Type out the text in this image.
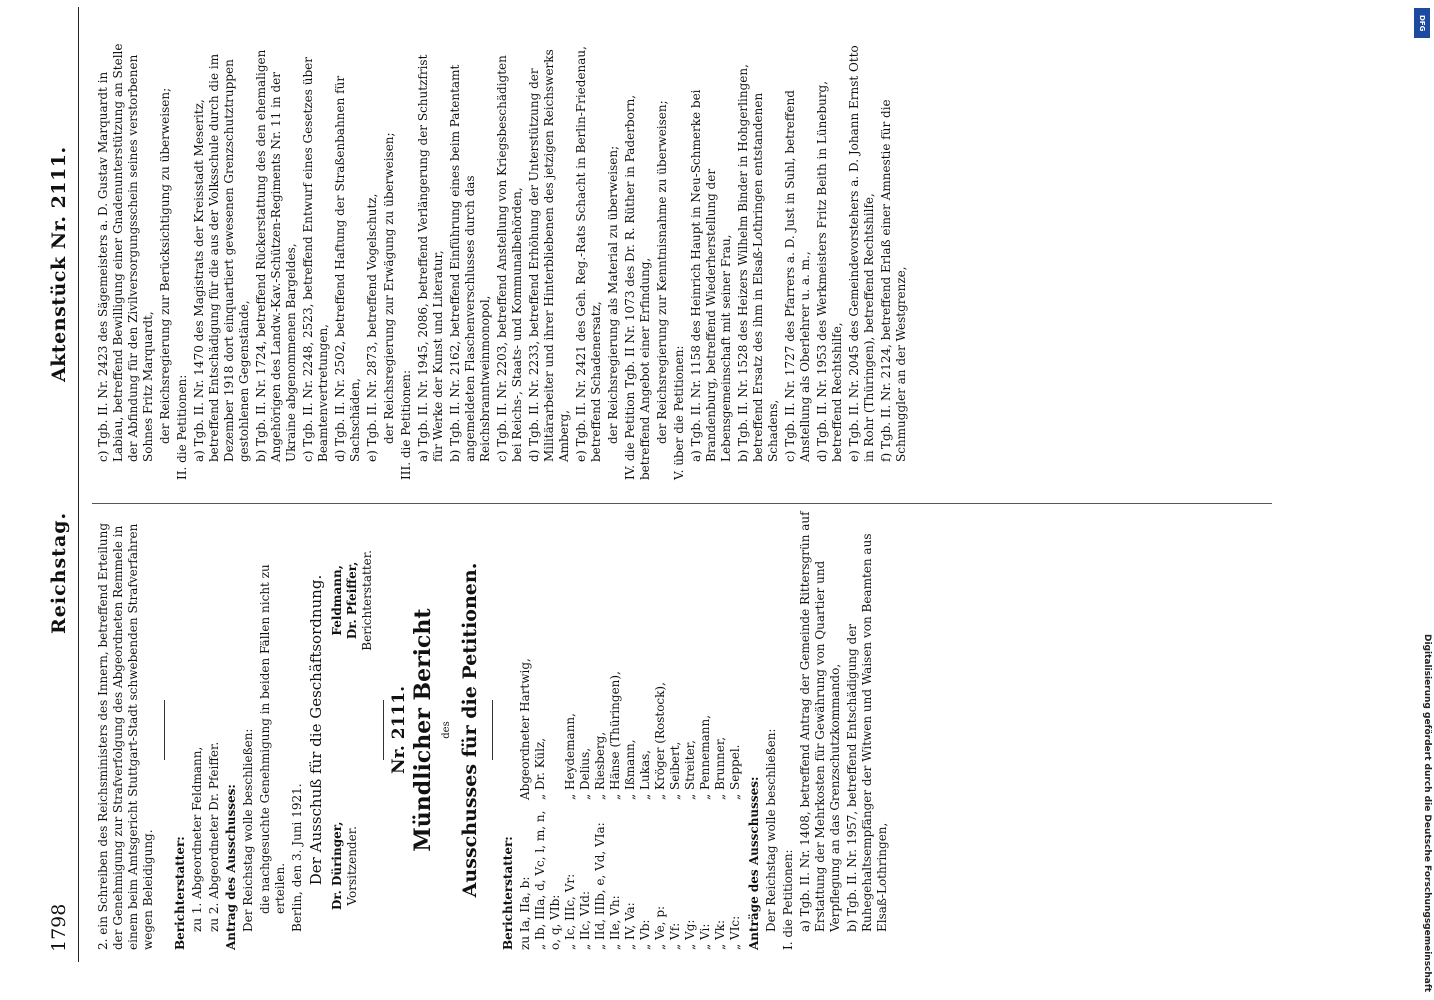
1798
Reichstag.
Aktenstück Nr. 2111.

2. ein Schreiben des Reichsministers des Innern, betreffend Erteilung der Genehmigung zur Strafverfolgung des Abgeordneten Remmele in einem beim Amtsgericht Stuttgart-Stadt schwebenden Strafverfahren wegen Beleidigung. Berichterstatter: zu 1. Abgeordneter Feldmann, zu 2. Abgeordneter Dr. Pfeiffer. Antrag des Ausschusses: Der Reichstag wolle beschließen: die nachgesuchte Genehmigung in beiden Fällen nicht zu erteilen. Berlin, den 3. Juni 1921. Der Ausschuß für die Geschäftsordnung. Dr. Düringer, Vorsitzender.
Feldmann, Dr. Pfeiffer, Berichterstatter.

Nr. 2111. Mündlicher Bericht des Ausschusses für die Petitionen. Berichterstatter: zu Ia, IIa, b:
Abgeordneter Hartwig,
„ Ib, IIIa, d, Vc, l, m, n, o, q, VIb:
„ Dr. Külz,
„ Ic, IIIc, Vr:
„ Heydemann,
„ IIc, VId:
„ Delius,
„ IId, IIIb, e, Vd, VIa:
„ Riesberg,
„ IIe, Vh:
„ Hänse (Thüringen),
„ IV, Va:
„ Ißmann,
„ Vb:
„ Lukas,
„ Ve, p:
„ Kröger (Rostock),
„ Vf:
„ Seibert,
„ Vg:
„ Streiter,
„ Vi:
„ Pennemann,
„ Vk:
„ Brunner,
„ VIc:
„ Seppel.

Anträge des Ausschusses: Der Reichstag wolle beschließen: I. die Petitionen: a) Tgb. II. Nr. 1408, betreffend Antrag der Gemeinde Rittersgrün auf Erstattung der Mehrkosten für Gewährung von Quartier und Verpflegung an das Grenzschutzkommando, b) Tgb. II. Nr. 1957, betreffend Entschädigung der Ruhegehaltsempfänger der Witwen und Waisen von Beamten aus Elsaß-Lothringen,

c) Tgb. II. Nr. 2423 des Sägemeisters a. D. Gustav Marquardt in Labiau, betreffend Bewilligung einer Gnadenunterstützung an Stelle der Abfindung für den Zivilversorgungsschein seines verstorbenen Sohnes Fritz Marquardt, der Reichsregierung zur Berücksichtigung zu überweisen; II. die Petitionen: a) Tgb. II. Nr. 1470 des Magistrats der Kreisstadt Meseritz, betreffend Entschädigung für die aus der Volksschule durch die im Dezember 1918 dort einquartiert gewesenen Grenzschutztruppen gestohlenen Gegenstände, b) Tgb. II. Nr. 1724, betreffend Rückerstattung des den ehemaligen Angehörigen des Landw.-Kav.-Schützen-Regiments Nr. 11 in der Ukraine abgenommenen Bargeldes, c) Tgb. II. Nr. 2248, 2523, betreffend Entwurf eines Gesetzes über Beamtenvertretungen, d) Tgb. II. Nr. 2502, betreffend Haftung der Straßenbahnen für Sachschäden, e) Tgb. II. Nr. 2873, betreffend Vogelschutz, der Reichsregierung zur Erwägung zu überweisen; III. die Petitionen: a) Tgb. II. Nr. 1945, 2086, betreffend Verlängerung der Schutzfrist für Werke der Kunst und Literatur, b) Tgb. II. Nr. 2162, betreffend Einführung eines beim Patentamt angemeldeten Flaschenverschlusses durch das Reichsbranntweinmonopol, c) Tgb. II. Nr. 2203, betreffend Anstellung von Kriegsbeschädigten bei Reichs-, Staats- und Kommunalbehörden, d) Tgb. II. Nr. 2233, betreffend Erhöhung der Unterstützung der Militärarbeiter und ihrer Hinterbliebenen des jetzigen Reichswerks Amberg, e) Tgb. II. Nr. 2421 des Geh. Reg.-Rats Schacht in Berlin-Friedenau, betreffend Schadenersatz, der Reichsregierung als Material zu überweisen; IV. die Petition Tgb. II Nr. 1073 des Dr. R. Rüther in Paderborn, betreffend Angebot einer Erfindung, der Reichsregierung zur Kenntnisnahme zu überweisen; V. über die Petitionen: a) Tgb. II. Nr. 1158 des Heinrich Haupt in Neu-Schmerke bei Brandenburg, betreffend Wiederherstellung der Lebensgemeinschaft mit seiner Frau, b) Tgb. II. Nr. 1528 des Heizers Wilhelm Binder in Hohgerlingen, betreffend Ersatz des ihm in Elsaß-Lothringen entstandenen Schadens, c) Tgb. II. Nr. 1727 des Pfarrers a. D. Just in Suhl, betreffend Anstellung als Oberlehrer u. a. m., d) Tgb. II. Nr. 1953 des Werkmeisters Fritz Beith in Lüneburg, betreffend Rechtshilfe, e) Tgb. II. Nr. 2045 des Gemeindevorstehers a. D. Johann Ernst Otto in Rohr (Thüringen), betreffend Rechtshilfe, f) Tgb. II. Nr. 2124, betreffend Erlaß einer Amnestie für die Schmuggler an der Westgrenze,

DFG
Digitalisierung gefördert durch die Deutsche Forschungsgemeinschaft
